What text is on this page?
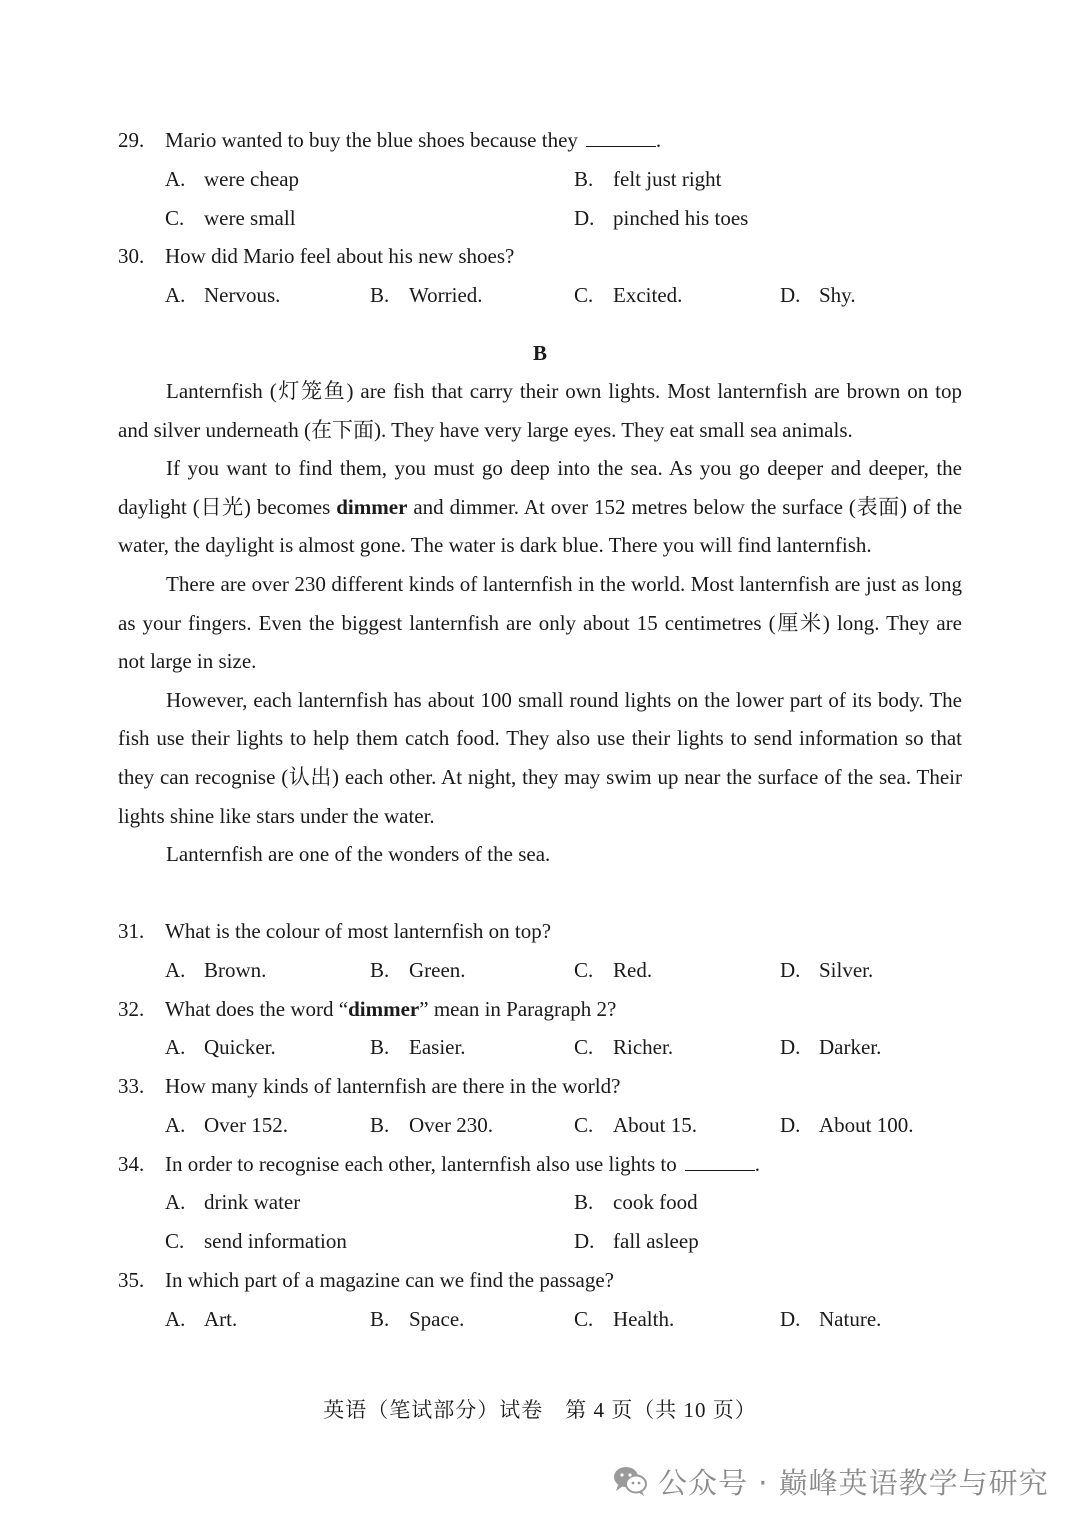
29. Mario wanted to buy the blue shoes because they	.
A. were cheap	B. felt just right
C. were small	D. pinched his toes
30. How did Mario feel about his new shoes?
A. Nervous.	B. Worried.	C. Excited.	D. Shy.
B

Lanternfish (灯笼鱼) are fish that carry their own lights. Most lanternfish are brown on top and silver underneath (在下面). They have very large eyes. They eat small sea animals.

If you want to find them, you must go deep into the sea. As you go deeper and deeper, the daylight (日光) becomes dimmer and dimmer. At over 152 metres below the surface (表面) of the water, the daylight is almost gone. The water is dark blue. There you will find lanternfish.

There are over 230 different kinds of lanternfish in the world. Most lanternfish are just as long as your fingers. Even the biggest lanternfish are only about 15 centimetres (厘米) long. They are not large in size.

However, each lanternfish has about 100 small round lights on the lower part of its body. The fish use their lights to help them catch food. They also use their lights to send information so that they can recognise (认出) each other. At night, they may swim up near the surface of the sea. Their lights shine like stars under the water.

Lanternfish are one of the wonders of the sea.

31. What is the colour of most lanternfish on top?
A. Brown.	B. Green.	C. Red.	D. Silver.
32. What does the word “dimmer” mean in Paragraph 2?
A. Quicker.	B. Easier.	C. Richer.	D. Darker.
33. How many kinds of lanternfish are there in the world?
A. Over 152.	B. Over 230.	C. About 15.	D. About 100.
34. In order to recognise each other, lanternfish also use lights to	.
A. drink water	B. cook food
C. send information	D. fall asleep
35. In which part of a magazine can we find the passage?
A. Art.	B. Space.	C. Health.	D. Nature.
英语（笔试部分）试卷　第 4 页（共 10 页）
公众号 · 巅峰英语教学与研究
